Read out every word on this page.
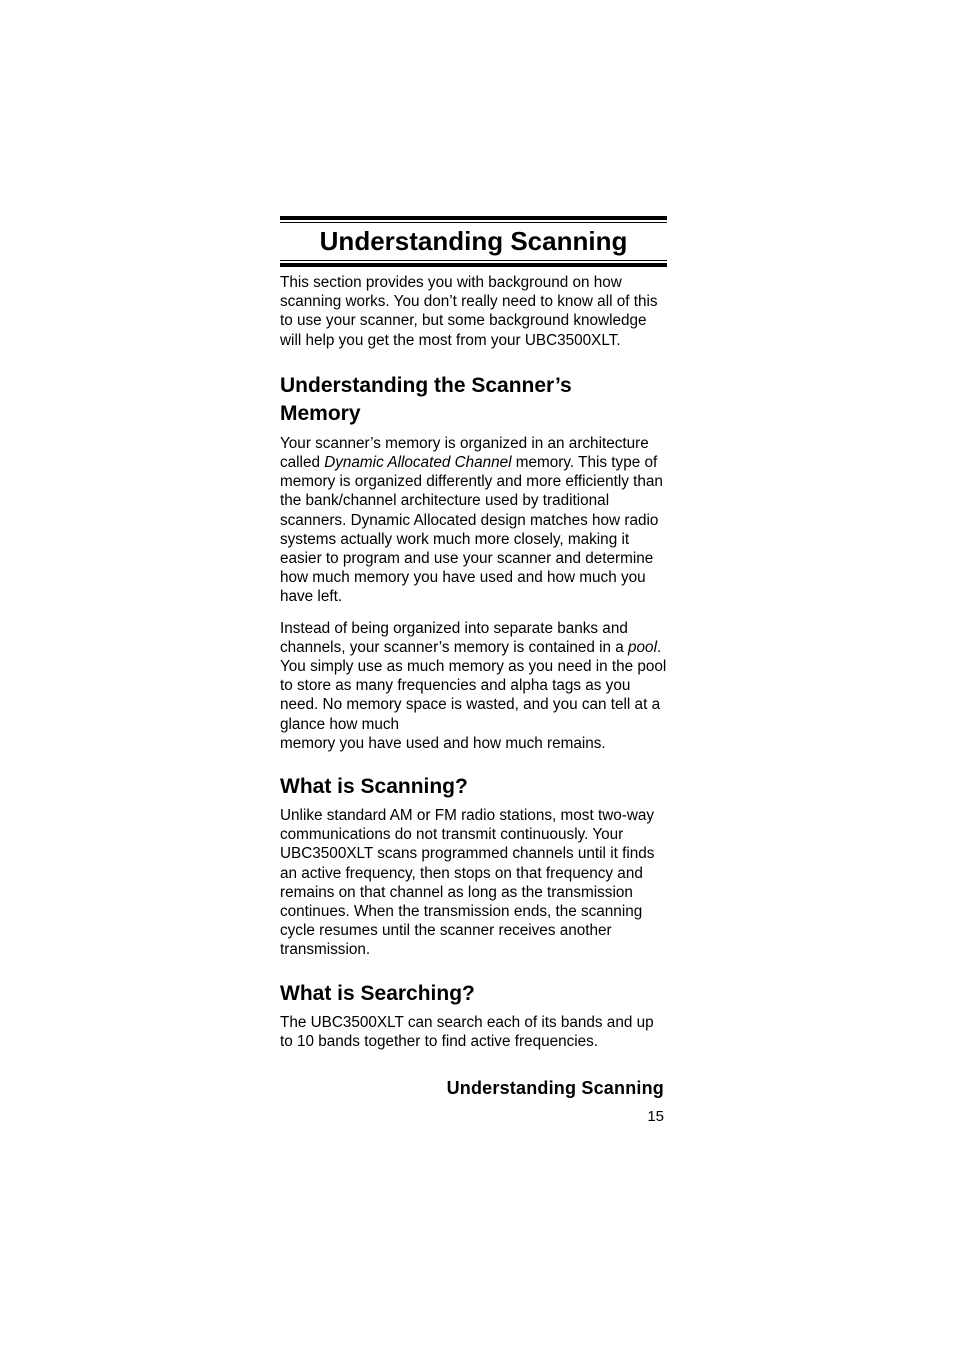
Understanding Scanning

This section provides you with background on how scanning works. You don’t really need to know all of this to use your scanner, but some background knowledge will help you get the most from your UBC3500XLT.

Understanding the Scanner’s
Memory

Your scanner’s memory is organized in an architecture called Dynamic Allocated Channel memory. This type of memory is organized differently and more efficiently than the bank/channel architecture used by traditional scanners. Dynamic Allocated design matches how radio systems actually work much more closely, making it easier to program and use your scanner and determine how much memory you have used and how much you have left.

Instead of being organized into separate banks and channels, your scanner’s memory is contained in a pool. You simply use as much memory as you need in the pool to store as many frequencies and alpha tags as you need. No memory space is wasted, and you can tell at a glance how much
memory you have used and how much remains.

What is Scanning?

Unlike standard AM or FM radio stations, most two-way communications do not transmit continuously. Your UBC3500XLT scans programmed channels until it finds an active frequency, then stops on that frequency and remains on that channel as long as the transmission continues. When the transmission ends, the scanning cycle resumes until the scanner receives another transmission.

What is Searching?

The UBC3500XLT can search each of its bands and up to 10 bands together to find active frequencies.

Understanding Scanning
15
